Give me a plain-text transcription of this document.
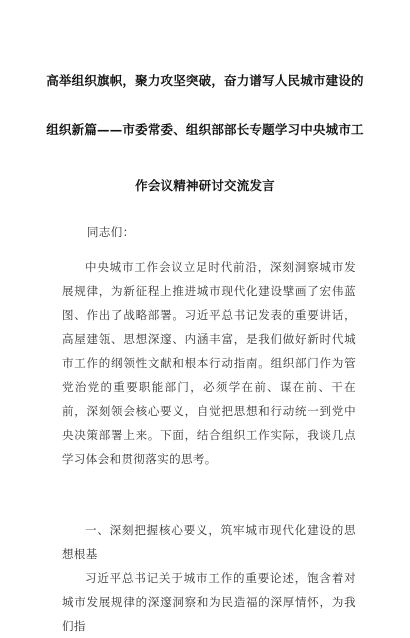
高举组织旗帜，聚力攻坚突破，奋力谱写人民城市建设的
组织新篇——市委常委、组织部部长专题学习中央城市工
作会议精神研讨交流发言
同志们：
中央城市工作会议立足时代前沿，深刻洞察城市发展规律，为新征程上推进城市现代化建设擘画了宏伟蓝图、作出了战略部署。习近平总书记发表的重要讲话，高屋建瓴、思想深邃、内涵丰富，是我们做好新时代城市工作的纲领性文献和根本行动指南。组织部门作为管党治党的重要职能部门，必须学在前、谋在前、干在前，深刻领会核心要义，自觉把思想和行动统一到党中央决策部署上来。下面，结合组织工作实际，我谈几点学习体会和贯彻落实的思考。
一、深刻把握核心要义，筑牢城市现代化建设的思想根基
习近平总书记关于城市工作的重要论述，饱含着对城市发展规律的深邃洞察和为民造福的深厚情怀，为我们指
